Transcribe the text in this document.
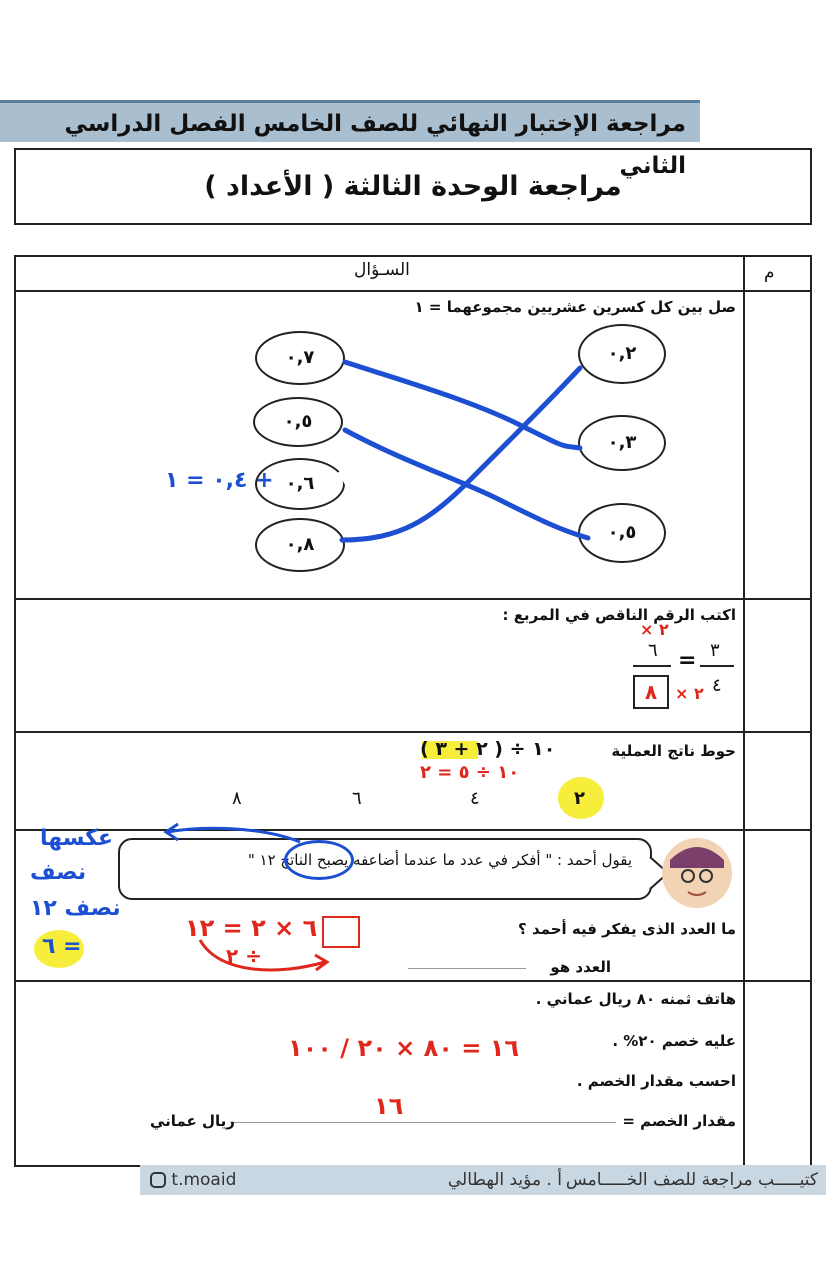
مراجعة الإختبار النهائي للصف الخامس الفصل الدراسي الثاني
مراجعة الوحدة الثالثة ( الأعداد )
م
السـؤال
صل بين كل كسرين عشريين مجموعهما = ١
٠,٧
٠,٥
٠,٦
٠,٨
٠,٢
٠,٣
٠,٥
+ ٠,٤ = ١
اكتب الرقم الناقص في المربع :
× ٢
٣
٤
=
٦
٨	× ٢
حوط ناتج العملية
١٠ ÷ ( ٢ + ٣ )
١٠ ÷ ٥ = ٢
٨	٦	٤	٢
يقول أحمد : " أفكر في عدد ما عندما أضاعفه يصبح الناتج ١٢ "
ما العدد الذى يفكر فيه أحمد ؟
العدد هو
عكسها
نصف
نصف ١٢
= ٦
٦ × ٢ = ١٢
÷ ٢
هاتف ثمنه ٨٠ ريال عماني .
عليه خصم ٢٠% .
احسب مقدار الخصم .
مقدار الخصم =
ريال عماني
١٦ = ٨٠ × ٢٠ / ١٠٠
١٦
كتيـــــب مراجعة للصف الخـــــامس
أ . مؤيد الهطالي
t.moaid
